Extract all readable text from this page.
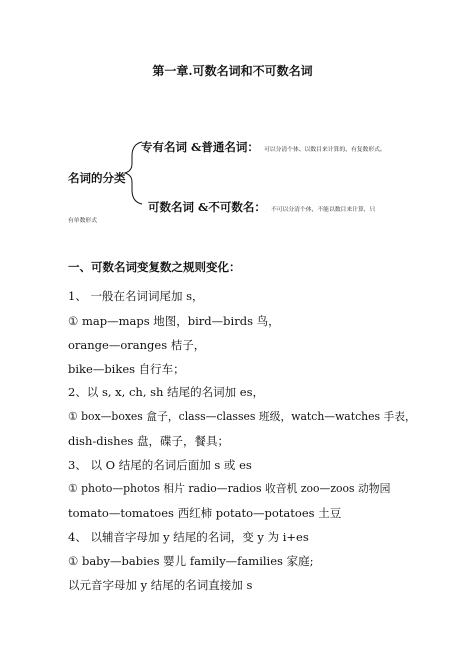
第一章.可数名词和不可数名词
名词的分类
专有名词 &普通名词： 可以分清个体、以数目来计算的、有复数形式。
可数名词 &不可数名： 不可以分清个体，不能以数目来计算，只
有单数形式
一、可数名词变复数之规则变化：
1、 一般在名词词尾加 s，
① map—maps 地图，bird—birds 鸟，
orange—oranges 桔子，
bike—bikes 自行车；
2、以 s, x, ch, sh 结尾的名词加 es，
① box—boxes 盒子，class—classes 班级，watch—watches 手表，
dish-dishes 盘，碟子，餐具；
3、 以 O 结尾的名词后面加 s 或 es
① photo—photos 相片 radio—radios 收音机 zoo—zoos 动物园
tomato—tomatoes 西红柿 potato—potatoes 土豆
4、 以辅音字母加 y 结尾的名词，变 y 为 i+es
① baby—babies 婴儿 family—families 家庭;
以元音字母加 y 结尾的名词直接加 s
